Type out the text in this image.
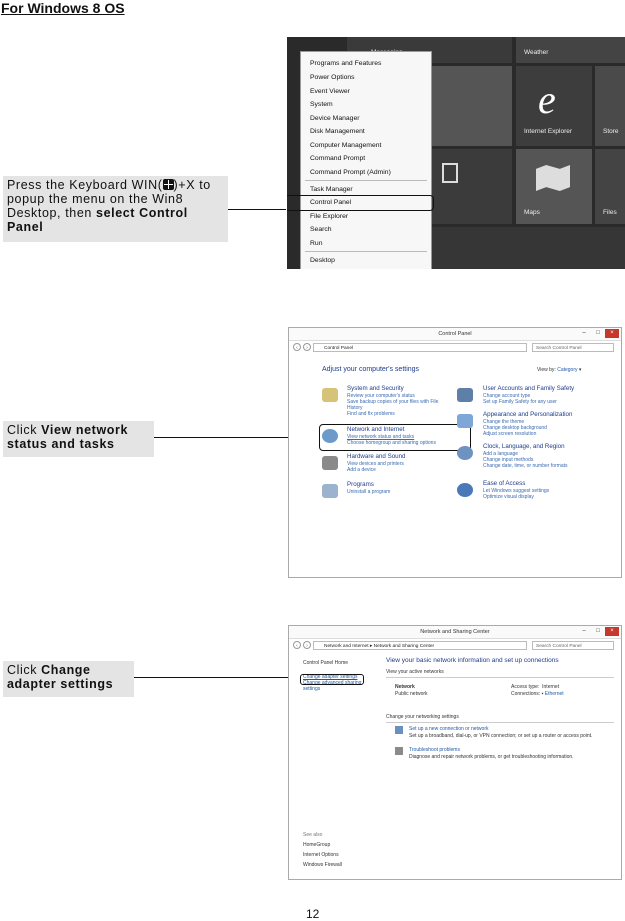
For Windows 8 OS
Press the Keyboard WIN( )+X to popup the menu on the Win8 Desktop, then select Control Panel
Weather
e
Internet Explorer	Store
Maps	Files
Programs and Features
Power Options
Event Viewer
System
Device Manager
Disk Management
Computer Management
Command Prompt
Command Prompt (Admin)
Task Manager
Control Panel
File Explorer
Search
Run
Desktop
Click View network status and tasks
Control Panel	–	□	×
‹	›	Control Panel	Search Control Panel
Adjust your computer's settings	View by: Category ▾
System and Security
Review your computer's status
Save backup copies of your files with File
History
Find and fix problems
Network and Internet
View network status and tasks
Choose homegroup and sharing options
Hardware and Sound
View devices and printers
Add a device
Programs
Uninstall a program
User Accounts and Family Safety
Change account type
Set up Family Safety for any user
Appearance and Personalization
Change the theme
Change desktop background
Adjust screen resolution
Clock, Language, and Region
Add a language
Change input methods
Change date, time, or number formats
Ease of Access
Let Windows suggest settings
Optimize visual display
Click Change adapter settings
Network and Sharing Center	–	□	×
‹	›	Network and Internet ▸ Network and Sharing Center	Search Control Panel
Control Panel Home
Change adapter settings
Change advanced sharing settings
See also
HomeGroup
Internet Options
Windows Firewall
View your basic network information and set up connections
View your active networks
Network
Public network
Access type: Internet
Connections: ▪ Ethernet
Change your networking settings
Set up a new connection or network
Set up a broadband, dial-up, or VPN connection; or set up a router or access point.
Troubleshoot problems
Diagnose and repair network problems, or get troubleshooting information.
12
